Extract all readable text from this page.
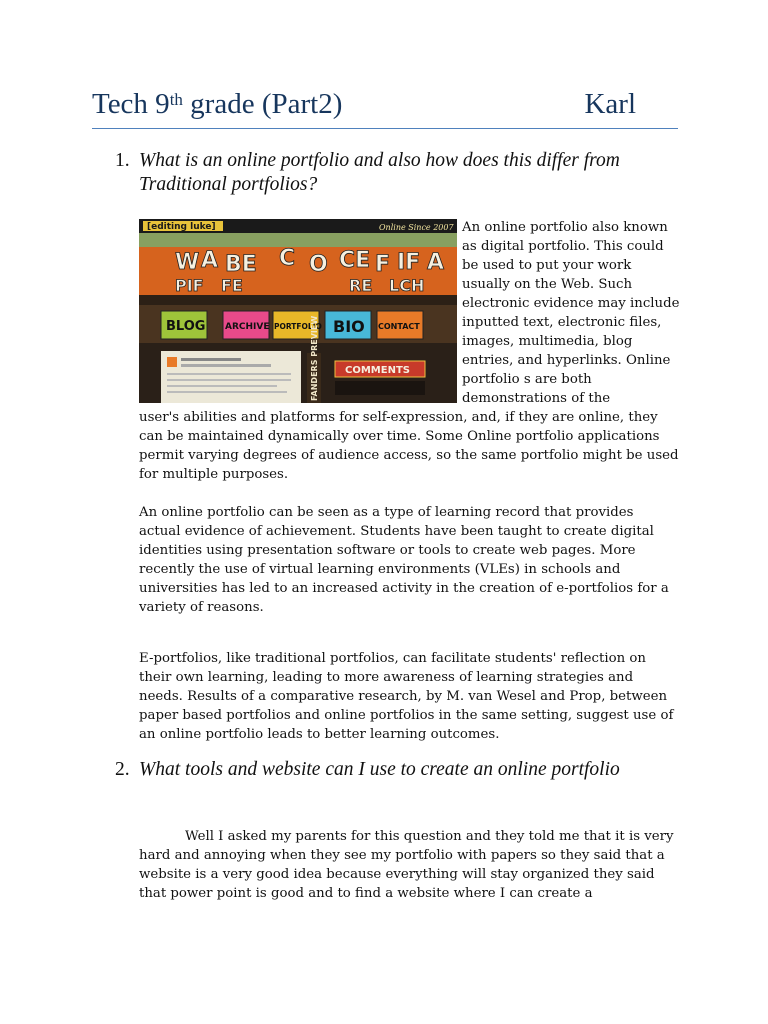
Tech 9th grade (Part2)	Karl
1. What is an online portfolio and also how does this differ from Traditional portfolios?
[editing luke]	Online Since 2007
W A BE C O CE F IF A
PIF FE	RE LCH
BLOG ARCHIVE PORTFOLIO BIO CONTACT
FANDERS PREVIEW	COMMENTS
An online portfolio also known as digital portfolio. This could be used to put your work usually on the Web. Such electronic evidence may include inputted text, electronic files, images, multimedia, blog entries, and hyperlinks. Online portfolio s are both demonstrations of the

user's abilities and platforms for self-expression, and, if they are online, they can be maintained dynamically over time. Some Online portfolio applications permit varying degrees of audience access, so the same portfolio might be used for multiple purposes.

An online portfolio can be seen as a type of learning record that provides actual evidence of achievement. Students have been taught to create digital identities using presentation software or tools to create web pages. More recently the use of virtual learning environments (VLEs) in schools and universities has led to an increased activity in the creation of e-portfolios for a variety of reasons.

E-portfolios, like traditional portfolios, can facilitate students' reflection on their own learning, leading to more awareness of learning strategies and needs. Results of a comparative research, by M. van Wesel and Prop, between paper based portfolios and online portfolios in the same setting, suggest use of an online portfolio leads to better learning outcomes.

2. What tools and website can I use to create an online portfolio

Well I asked my parents for this question and they told me that it is very hard and annoying when they see my portfolio with papers so they said that a website is a very good idea because everything will stay organized they said that power point is good and to find a website where I can create a
